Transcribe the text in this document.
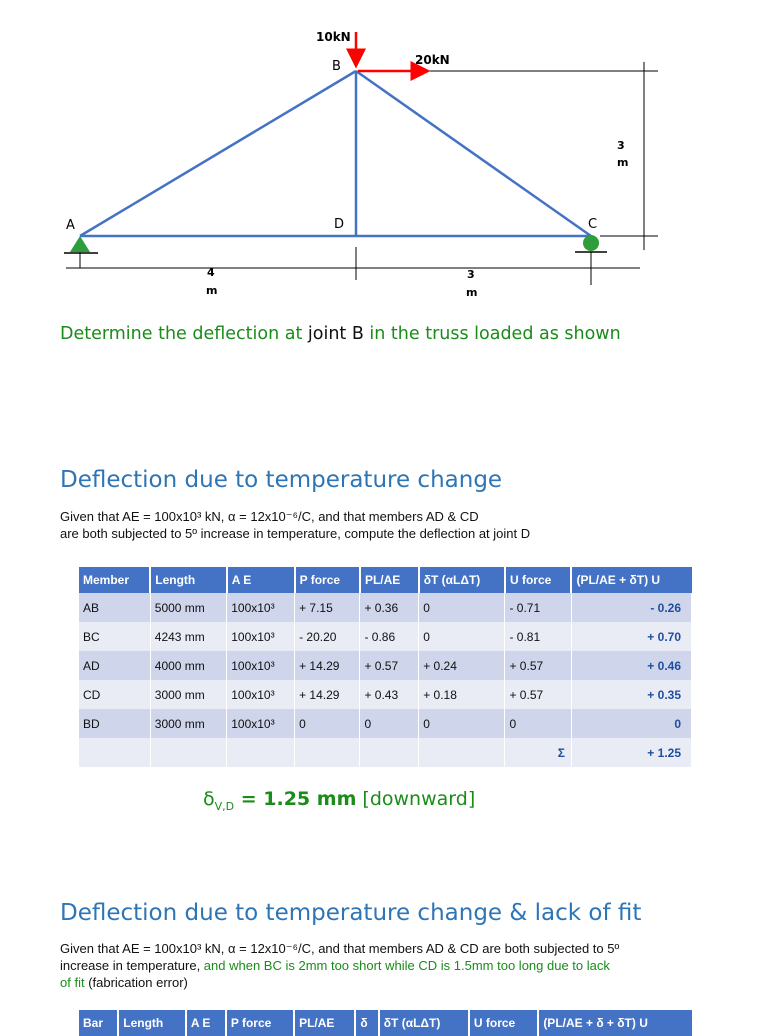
10kN
20kN
B
A	D	C
4
m
3
m
3
m
Determine the deflection at joint B in the truss loaded as shown
Deflection due to temperature change
Given that AE = 100x10³ kN, α = 12x10⁻⁶/C, and that members AD & CD
are both subjected to 5º increase in temperature, compute the deflection at joint D
Member	Length	A E	P force	PL/AE	δT (αLΔT)	U force	(PL/AE + δT) U
AB	5000 mm	100x10³	+ 7.15	+ 0.36	0	- 0.71	- 0.26
BC	4243 mm	100x10³	- 20.20	- 0.86	0	- 0.81	+ 0.70
AD	4000 mm	100x10³	+ 14.29	+ 0.57	+ 0.24	+ 0.57	+ 0.46
CD	3000 mm	100x10³	+ 14.29	+ 0.43	+ 0.18	+ 0.57	+ 0.35
BD	3000 mm	100x10³	0	0	0	0	0
						Σ	+ 1.25
$\delta_{V,D} = 1.25$ mm [downward]
Deflection due to temperature change & lack of fit
Given that AE = 100x10³ kN, α = 12x10⁻⁶/C, and that members AD & CD are both subjected to 5º
increase in temperature, and when BC is 2mm too short while CD is 1.5mm too long due to lack
of fit (fabrication error)
Bar	Length	A E	P force	PL/AE	δ	δT (αLΔT)	U force	(PL/AE + δ + δT) U
